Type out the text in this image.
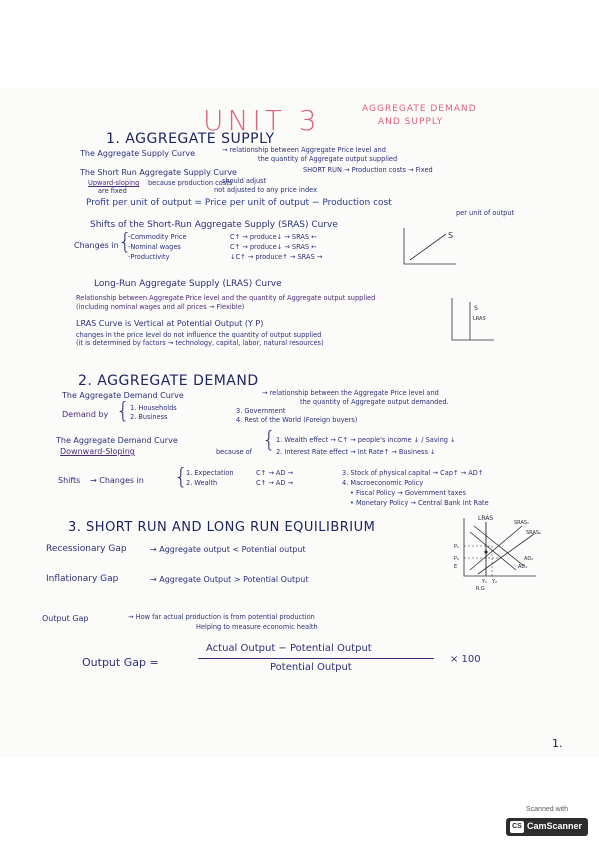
UNIT 3	AGGREGATE DEMAND
AND SUPPLY
1. AGGREGATE SUPPLY
The Aggregate Supply Curve	→ relationship between Aggregate Price level and
the quantity of Aggregate output supplied
The Short Run Aggregate Supply Curve	SHORT RUN → Production costs → Fixed
Upward-sloping because production costs
should adjust
are fixed	not adjusted to any price index
Profit per unit of output = Price per unit of output − Production cost
per unit of output
Shifts of the Short-Run Aggregate Supply (SRAS) Curve
Changes in {
-Commodity Price	C↑ → produce↓ → SRAS ←
-Nominal wages	C↑ → produce↓ → SRAS ←
-Productivity	↓C↑ → produce↑ → SRAS →
S
Long-Run Aggregate Supply (LRAS) Curve
Relationship between Aggregate Price level and the quantity of Aggregate output supplied
(including nominal wages and all prices → Flexible)
LRAS Curve is Vertical at Potential Output (Y P)
changes in the price level do not influence the quantity of output supplied
(it is determined by factors → technology, capital, labor, natural resources)
S
LRAS
2. AGGREGATE DEMAND
The Aggregate Demand Curve	→ relationship between the Aggregate Price level and
the quantity of Aggregate output demanded.
Demand by { 1. Households
2. Business
3. Government
4. Rest of the World (Foreign buyers)
The Aggregate Demand Curve
Downward-Sloping	because of { 1. Wealth effect → C↑ → people's income ↓ / Saving ↓
2. Interest Rate effect → Int Rate↑ → Business ↓
Shifts → Changes in {
1. Expectation	C↑ → AD →
2. Wealth	C↑ → AD →
3. Stock of physical capital → Cap↑ → AD↑
4. Macroeconomic Policy
• Fiscal Policy → Government taxes
• Monetary Policy → Central Bank Int Rate
3. SHORT RUN AND LONG RUN EQUILIBRIUM
Recessionary Gap	→ Aggregate output < Potential output
Inflationary Gap	→ Aggregate Output > Potential Output
LRAS
SRAS₁
SRAS₂
AD₁
AD₂
P₁
P₂
E
Y₁ Y₂
R.G
Output Gap	→ How far actual production is from potential production
Helping to measure economic health
Output Gap =
Actual Output − Potential Output
Potential Output
× 100
1.
Scanned with
CS CamScanner
